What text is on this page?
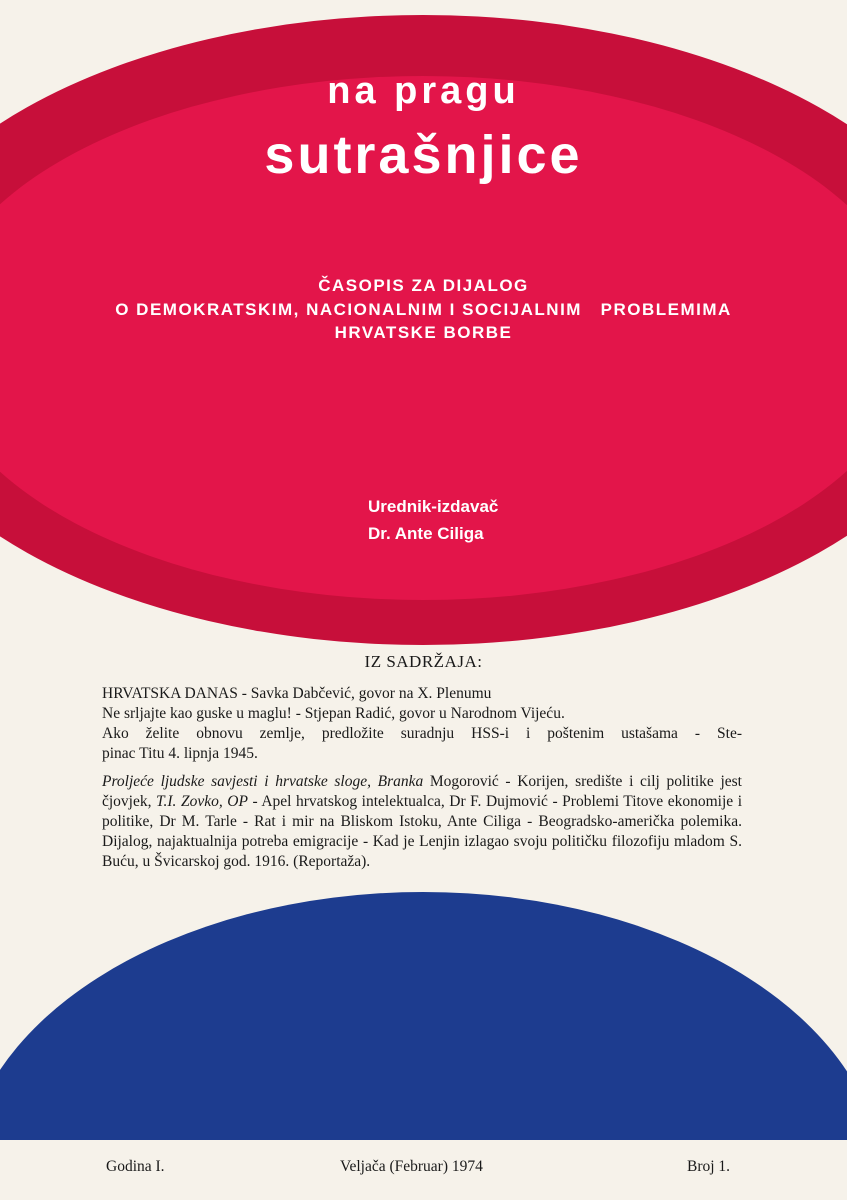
na pragu
sutrašnjice
ČASOPIS ZA DIJALOG
O DEMOKRATSKIM, NACIONALNIM I SOCIJALNIM   PROBLEMIMA
HRVATSKE BORBE
Urednik-izdavač
Dr. Ante Ciliga
IZ SADRŽAJA:

HRVATSKA DANAS - Savka Dabčević, govor na X. Plenumu

Ne srljajte kao guske u maglu! - Stjepan Radić, govor u Narodnom Vijeću.

Ako želite obnovu zemlje, predložite suradnju HSS-i i poštenim ustašama - Ste-

pinac Titu 4. lipnja 1945.

Proljeće ljudske savjesti i hrvatske sloge, Branka Mogorović - Korijen, središte i cilj politike jest čjovjek, T.I. Zovko, OP - Apel hrvatskog intelektualca, Dr F. Dujmović - Problemi Titove ekonomije i politike, Dr M. Tarle - Rat i mir na Bliskom Istoku, Ante Ciliga - Beogradsko-američka polemika. Dijalog, najaktualnija potreba emigracije - Kad je Lenjin izlagao svoju političku filozofiju mladom S. Buću, u Švicarskoj god. 1916. (Reportaža).

Godina I.	Veljača (Februar) 1974	Broj 1.
